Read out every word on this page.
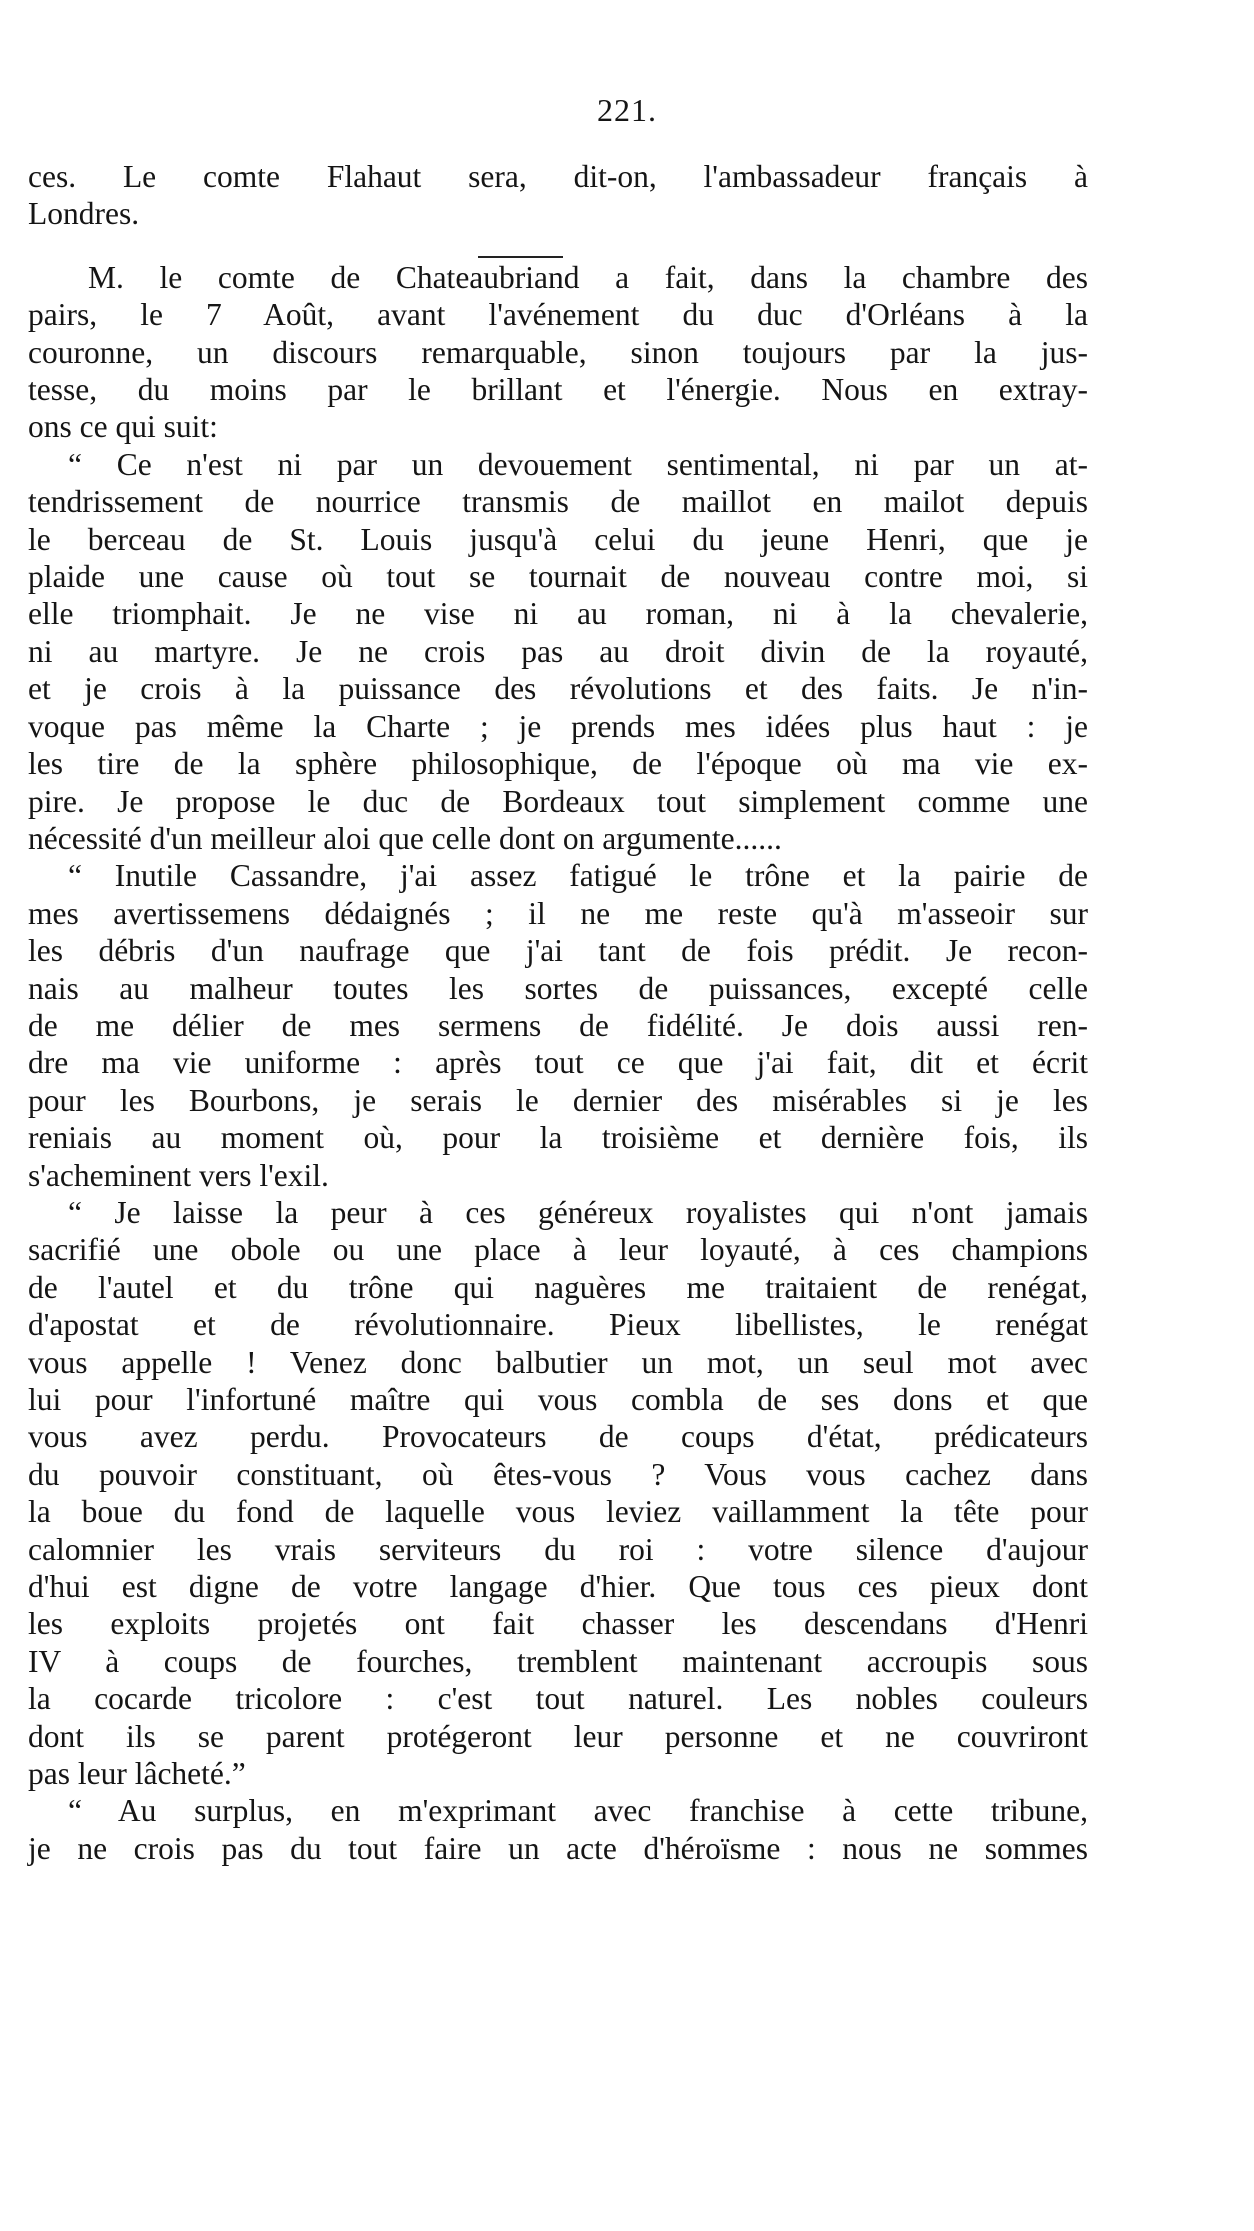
221.

ces. Le comte Flahaut sera, dit-on, l'ambassadeur français à

Londres.

M. le comte de Chateaubriand a fait, dans la chambre des

pairs, le 7 Août, avant l'avénement du duc d'Orléans à la

couronne, un discours remarquable, sinon toujours par la jus-

tesse, du moins par le brillant et l'énergie. Nous en extray-

ons ce qui suit:

“ Ce n'est ni par un devouement sentimental, ni par un at-

tendrissement de nourrice transmis de maillot en mailot depuis

le berceau de St. Louis jusqu'à celui du jeune Henri, que je

plaide une cause où tout se tournait de nouveau contre moi, si

elle triomphait. Je ne vise ni au roman, ni à la chevalerie,

ni au martyre. Je ne crois pas au droit divin de la royauté,

et je crois à la puissance des révolutions et des faits. Je n'in-

voque pas même la Charte ; je prends mes idées plus haut : je

les tire de la sphère philosophique, de l'époque où ma vie ex-

pire. Je propose le duc de Bordeaux tout simplement comme une

nécessité d'un meilleur aloi que celle dont on argumente......

“ Inutile Cassandre, j'ai assez fatigué le trône et la pairie de

mes avertissemens dédaignés ; il ne me reste qu'à m'asseoir sur

les débris d'un naufrage que j'ai tant de fois prédit. Je recon-

nais au malheur toutes les sortes de puissances, excepté celle

de me délier de mes sermens de fidélité. Je dois aussi ren-

dre ma vie uniforme : après tout ce que j'ai fait, dit et écrit

pour les Bourbons, je serais le dernier des misérables si je les

reniais au moment où, pour la troisième et dernière fois, ils

s'acheminent vers l'exil.

“ Je laisse la peur à ces généreux royalistes qui n'ont jamais

sacrifié une obole ou une place à leur loyauté, à ces champions

de l'autel et du trône qui naguères me traitaient de renégat,

d'apostat et de révolutionnaire. Pieux libellistes, le renégat

vous appelle ! Venez donc balbutier un mot, un seul mot avec

lui pour l'infortuné maître qui vous combla de ses dons et que

vous avez perdu. Provocateurs de coups d'état, prédicateurs

du pouvoir constituant, où êtes-vous ? Vous vous cachez dans

la boue du fond de laquelle vous leviez vaillamment la tête pour

calomnier les vrais serviteurs du roi : votre silence d'aujour

d'hui est digne de votre langage d'hier. Que tous ces pieux dont

les exploits projetés ont fait chasser les descendans d'Henri

IV à coups de fourches, tremblent maintenant accroupis sous

la cocarde tricolore : c'est tout naturel. Les nobles couleurs

dont ils se parent protégeront leur personne et ne couvriront

pas leur lâcheté.”

“ Au surplus, en m'exprimant avec franchise à cette tribune,

je ne crois pas du tout faire un acte d'héroïsme : nous ne sommes
